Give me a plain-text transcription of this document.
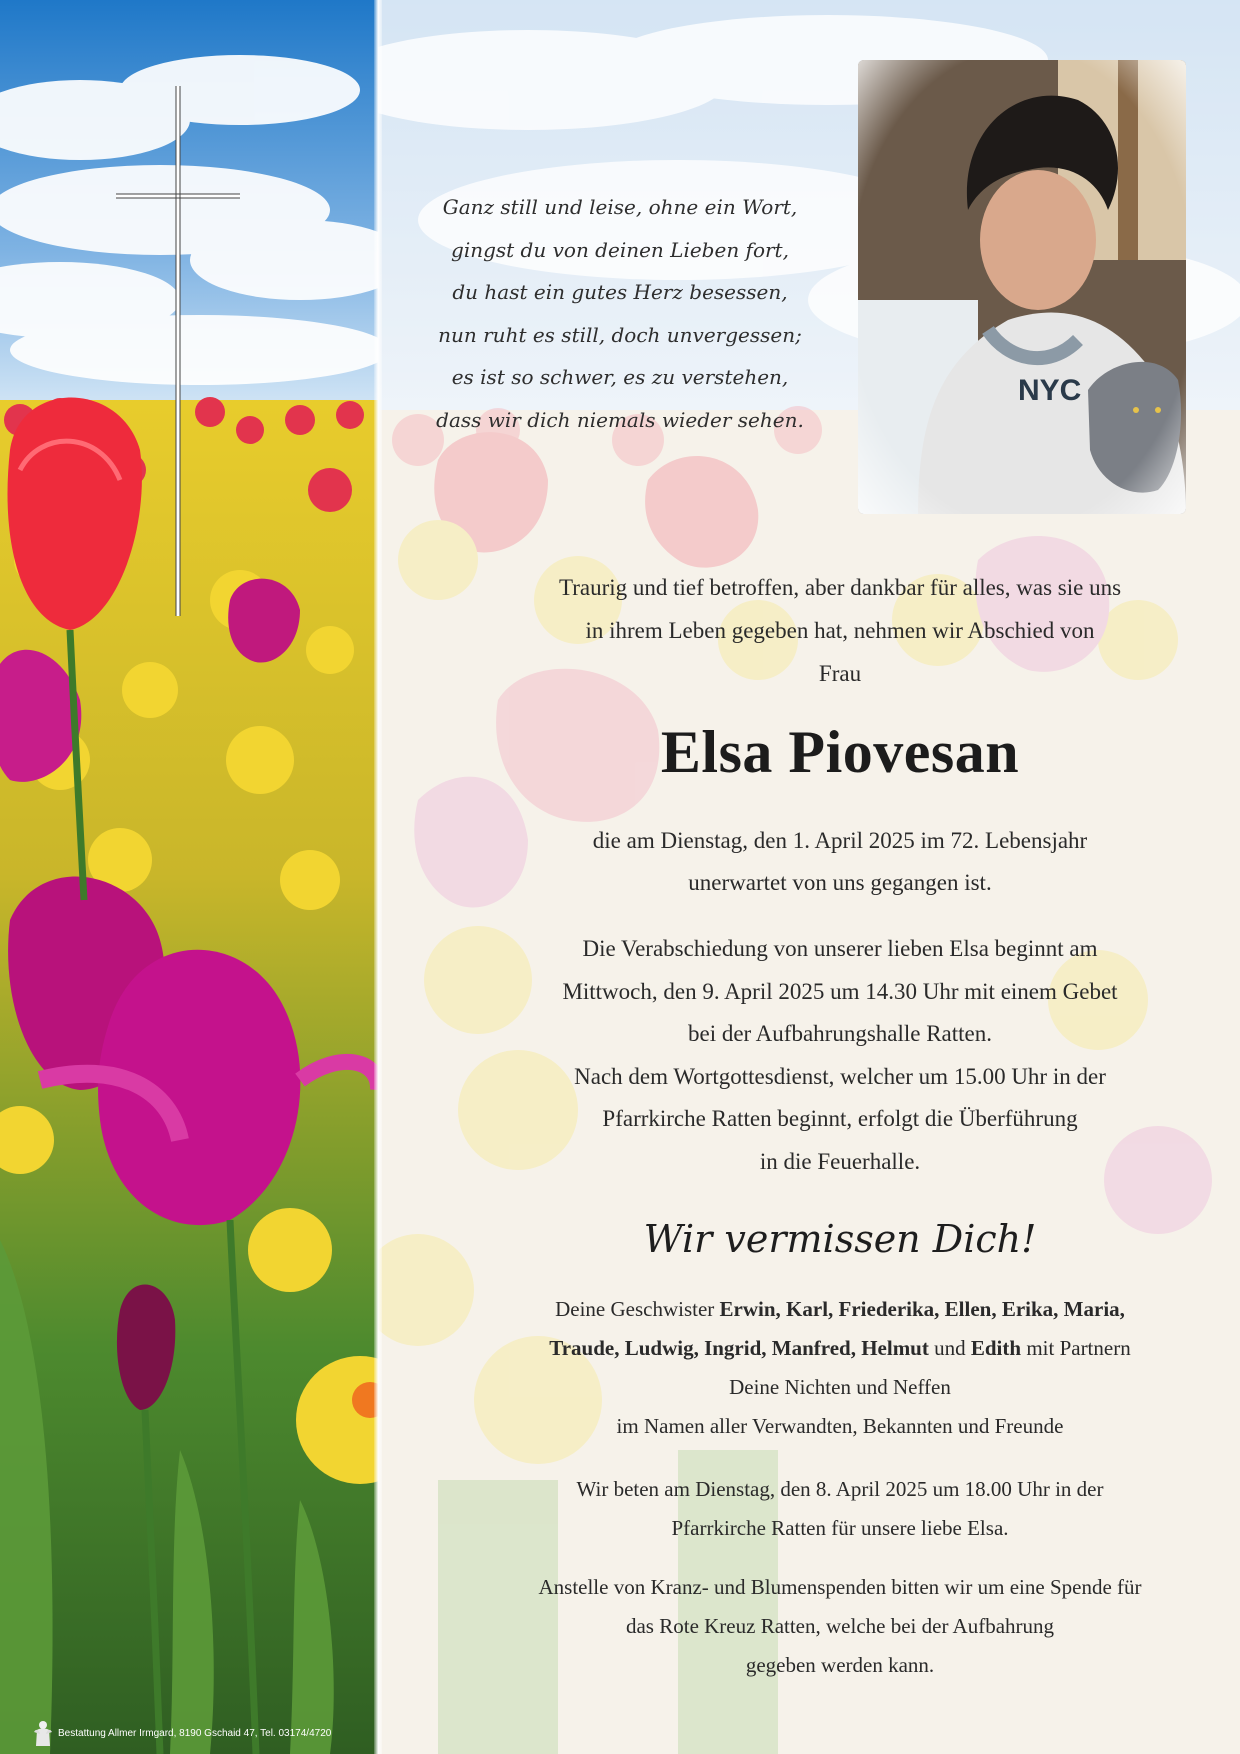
Ganz still und leise, ohne ein Wort,
gingst du von deinen Lieben fort,
du hast ein gutes Herz besessen,
nun ruht es still, doch unvergessen;
es ist so schwer, es zu verstehen,
dass wir dich niemals wieder sehen.
Traurig und tief betroffen, aber dankbar für alles, was sie uns
in ihrem Leben gegeben hat, nehmen wir Abschied von
Frau
Elsa Piovesan
die am Dienstag, den 1. April 2025 im 72. Lebensjahr
unerwartet von uns gegangen ist.
Die Verabschiedung von unserer lieben Elsa beginnt am
Mittwoch, den 9. April 2025 um 14.30 Uhr mit einem Gebet
bei der Aufbahrungshalle Ratten.
Nach dem Wortgottesdienst, welcher um 15.00 Uhr in der
Pfarrkirche Ratten beginnt, erfolgt die Überführung
in die Feuerhalle.
Wir vermissen Dich!
Deine Geschwister Erwin, Karl, Friederika, Ellen, Erika, Maria,
Traude, Ludwig, Ingrid, Manfred, Helmut und Edith mit Partnern
Deine Nichten und Neffen
im Namen aller Verwandten, Bekannten und Freunde
Wir beten am Dienstag, den 8. April 2025 um 18.00 Uhr in der
Pfarrkirche Ratten für unsere liebe Elsa.
Anstelle von Kranz- und Blumenspenden bitten wir um eine Spende für
das Rote Kreuz Ratten, welche bei der Aufbahrung
gegeben werden kann.
Bestattung Allmer Irmgard, 8190 Gschaid 47, Tel. 03174/4720
